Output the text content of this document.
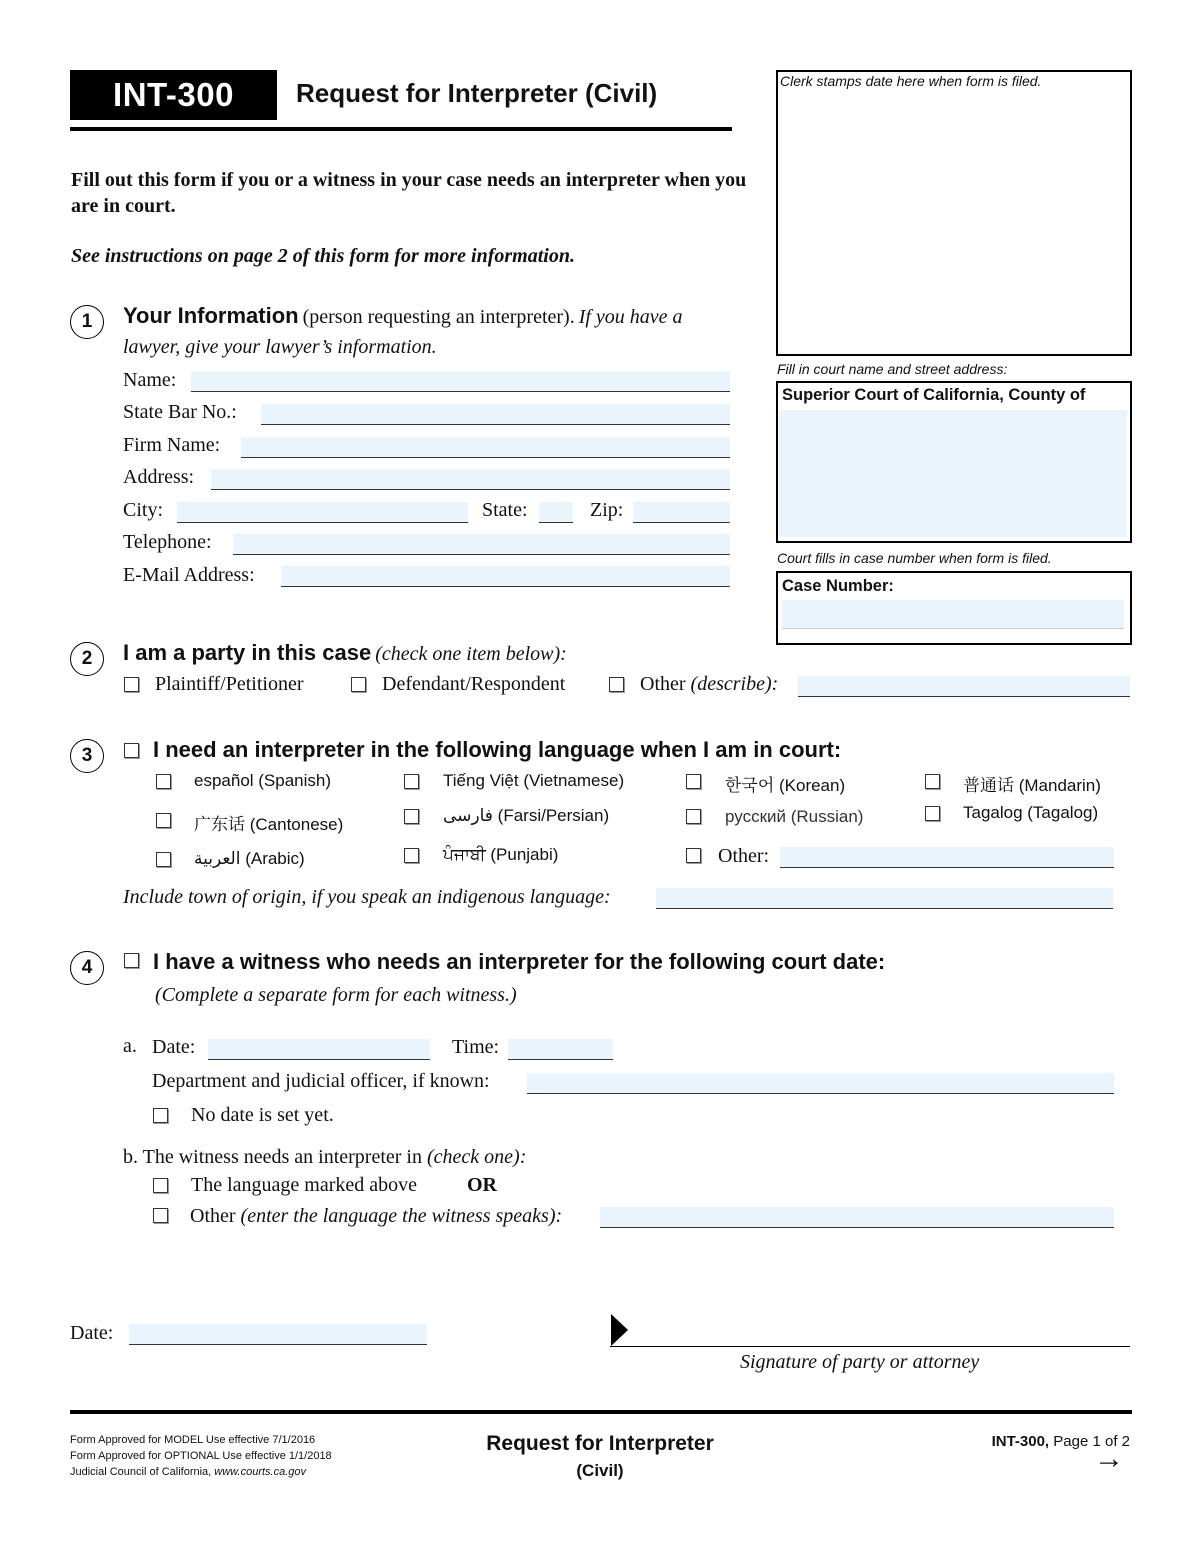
INT-300 Request for Interpreter (Civil)
Fill out this form if you or a witness in your case needs an interpreter when you are in court.
See instructions on page 2 of this form for more information.
Clerk stamps date here when form is filed.
Fill in court name and street address:
Superior Court of California, County of
Court fills in case number when form is filed.
Case Number:
1	Your Information (person requesting an interpreter). If you have a lawyer, give your lawyer’s information.
Name:
State Bar No.:
Firm Name:
Address:
City:	State:	Zip:
Telephone:
E-Mail Address:
2	I am a party in this case (check one item below):
Plaintiff/Petitioner	Defendant/Respondent	Other (describe):
3	I need an interpreter in the following language when I am in court:
español (Spanish)	Tiếng Việt (Vietnamese)	한국어 (Korean)	普通话 (Mandarin)
广东话 (Cantonese)	فارسی (Farsi/Persian)	русский (Russian)	Tagalog (Tagalog)
العربية (Arabic)	ਪੰਜਾਬੀ (Punjabi)	Other:
Include town of origin, if you speak an indigenous language:
4	I have a witness who needs an interpreter for the following court date:
(Complete a separate form for each witness.)
a. Date:	Time:
Department and judicial officer, if known:
No date is set yet.
b. The witness needs an interpreter in (check one):
The language marked above OR
Other (enter the language the witness speaks):
Date:
Signature of party or attorney
Form Approved for MODEL Use effective 7/1/2016
Form Approved for OPTIONAL Use effective 1/1/2018
Judicial Council of California, www.courts.ca.gov
Request for Interpreter
(Civil)
INT-300, Page 1 of 2
→
